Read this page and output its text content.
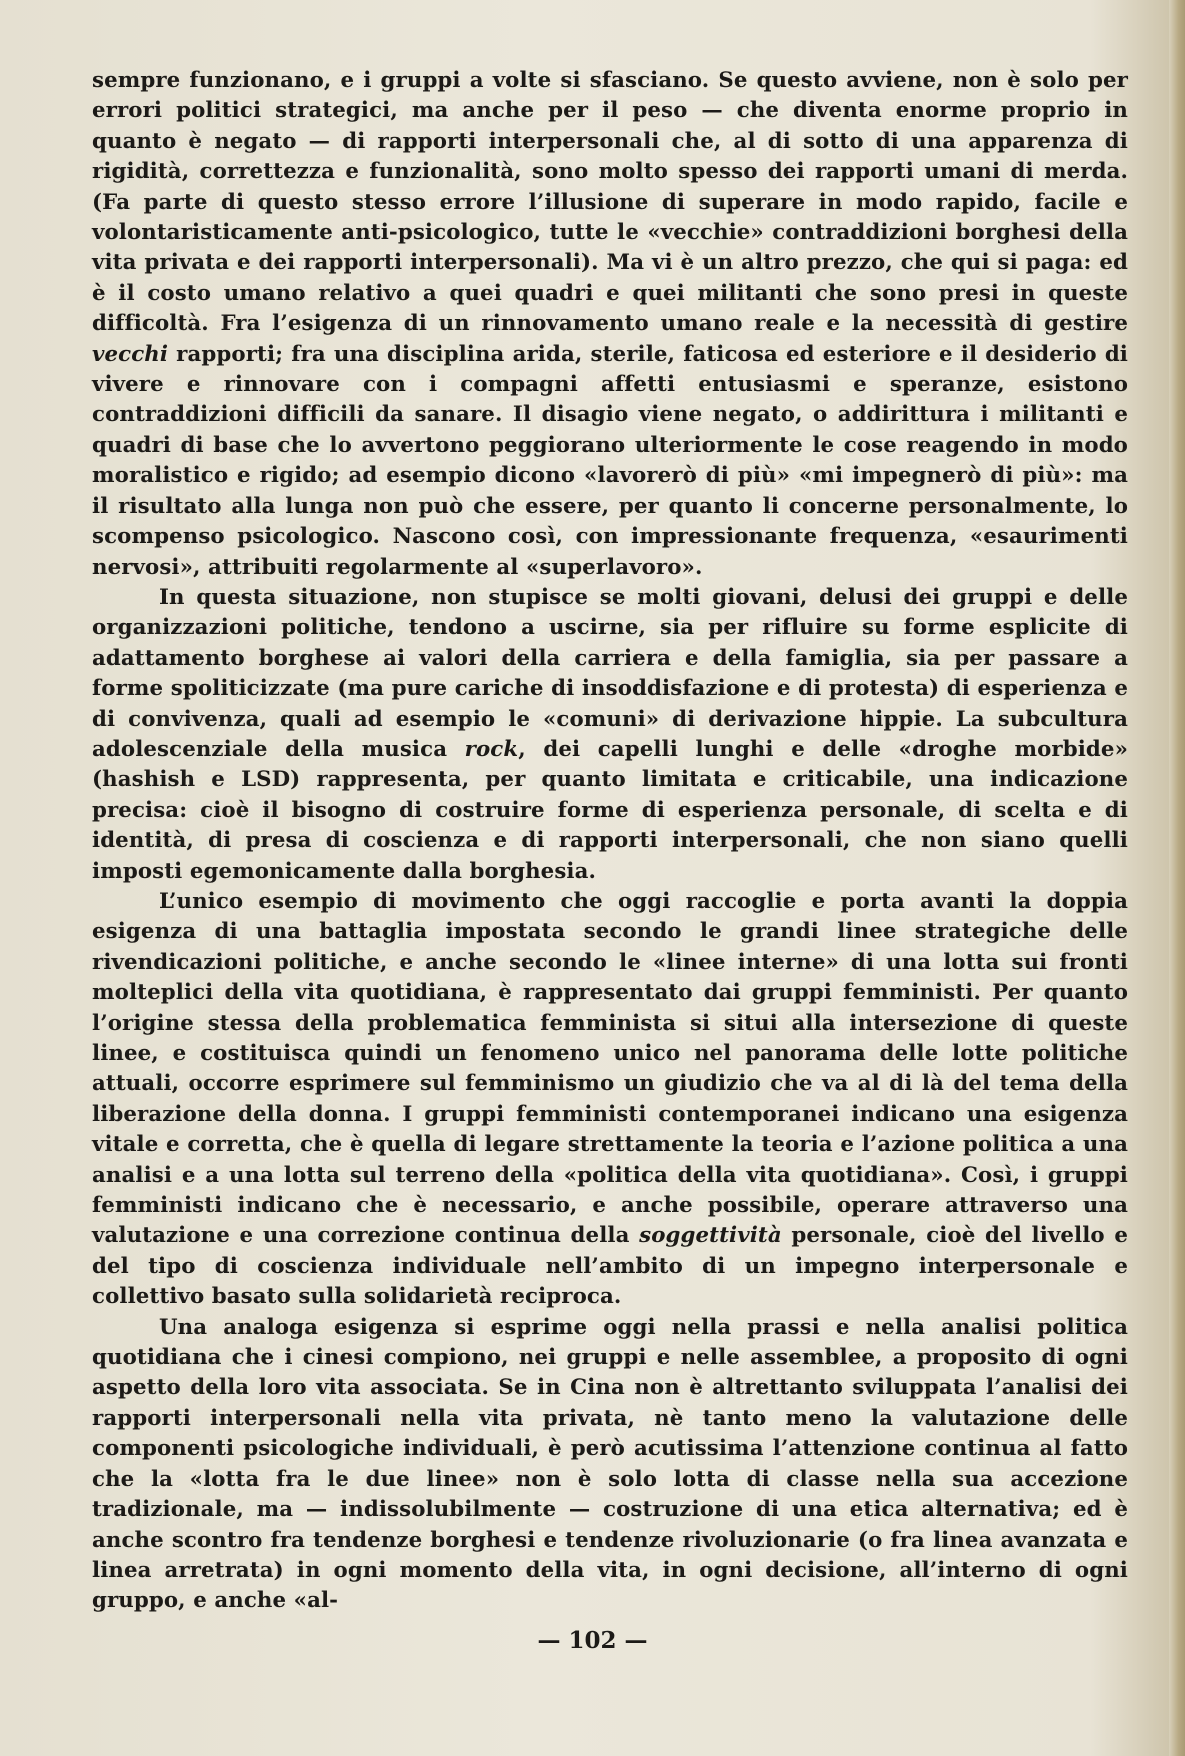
sempre funzionano, e i gruppi a volte si sfasciano. Se questo avviene, non è solo per errori politici strategici, ma anche per il peso — che diventa enorme proprio in quanto è negato — di rapporti interpersonali che, al di sotto di una apparenza di rigidità, correttezza e funzionalità, sono molto spesso dei rapporti umani di merda. (Fa parte di questo stesso errore l’illusione di superare in modo rapido, facile e volontaristicamente anti-psicologico, tutte le «vecchie» contraddizioni borghesi della vita privata e dei rapporti interpersonali). Ma vi è un altro prezzo, che qui si paga: ed è il costo umano relativo a quei quadri e quei militanti che sono presi in queste difficoltà. Fra l’esigenza di un rinnovamento umano reale e la necessità di gestire vecchi rapporti; fra una disciplina arida, sterile, faticosa ed esteriore e il desiderio di vivere e rinnovare con i compagni affetti entusiasmi e speranze, esistono contraddizioni difficili da sanare. Il disagio viene negato, o addirittura i militanti e quadri di base che lo avvertono peggiorano ulteriormente le cose reagendo in modo moralistico e rigido; ad esempio dicono «lavorerò di più» «mi impegnerò di più»: ma il risultato alla lunga non può che essere, per quanto li concerne personalmente, lo scompenso psicologico. Nascono così, con impressionante frequenza, «esaurimenti nervosi», attribuiti regolarmente al «superlavoro».

In questa situazione, non stupisce se molti giovani, delusi dei gruppi e delle organizzazioni politiche, tendono a uscirne, sia per rifluire su forme esplicite di adattamento borghese ai valori della carriera e della famiglia, sia per passare a forme spoliticizzate (ma pure cariche di insoddisfazione e di protesta) di esperienza e di convivenza, quali ad esempio le «comuni» di derivazione hippie. La subcultura adolescenziale della musica rock, dei capelli lunghi e delle «droghe morbide» (hashish e LSD) rappresenta, per quanto limitata e criticabile, una indicazione precisa: cioè il bisogno di costruire forme di esperienza personale, di scelta e di identità, di presa di coscienza e di rapporti interpersonali, che non siano quelli imposti egemonicamente dalla borghesia.

L’unico esempio di movimento che oggi raccoglie e porta avanti la doppia esigenza di una battaglia impostata secondo le grandi linee strategiche delle rivendicazioni politiche, e anche secondo le «linee interne» di una lotta sui fronti molteplici della vita quotidiana, è rappresentato dai gruppi femministi. Per quanto l’origine stessa della problematica femminista si situi alla intersezione di queste linee, e costituisca quindi un fenomeno unico nel panorama delle lotte politiche attuali, occorre esprimere sul femminismo un giudizio che va al di là del tema della liberazione della donna. I gruppi femministi contemporanei indicano una esigenza vitale e corretta, che è quella di legare strettamente la teoria e l’azione politica a una analisi e a una lotta sul terreno della «politica della vita quotidiana». Così, i gruppi femministi indicano che è necessario, e anche possibile, operare attraverso una valutazione e una correzione continua della soggettività personale, cioè del livello e del tipo di coscienza individuale nell’ambito di un impegno interpersonale e collettivo basato sulla solidarietà reciproca.

Una analoga esigenza si esprime oggi nella prassi e nella analisi politica quotidiana che i cinesi compiono, nei gruppi e nelle assemblee, a proposito di ogni aspetto della loro vita associata. Se in Cina non è altrettanto sviluppata l’analisi dei rapporti interpersonali nella vita privata, nè tanto meno la valutazione delle componenti psicologiche individuali, è però acutissima l’attenzione continua al fatto che la «lotta fra le due linee» non è solo lotta di classe nella sua accezione tradizionale, ma — indissolubilmente — costruzione di una etica alternativa; ed è anche scontro fra tendenze borghesi e tendenze rivoluzionarie (o fra linea avanzata e linea arretrata) in ogni momento della vita, in ogni decisione, all’interno di ogni gruppo, e anche «al-

— 102 —
